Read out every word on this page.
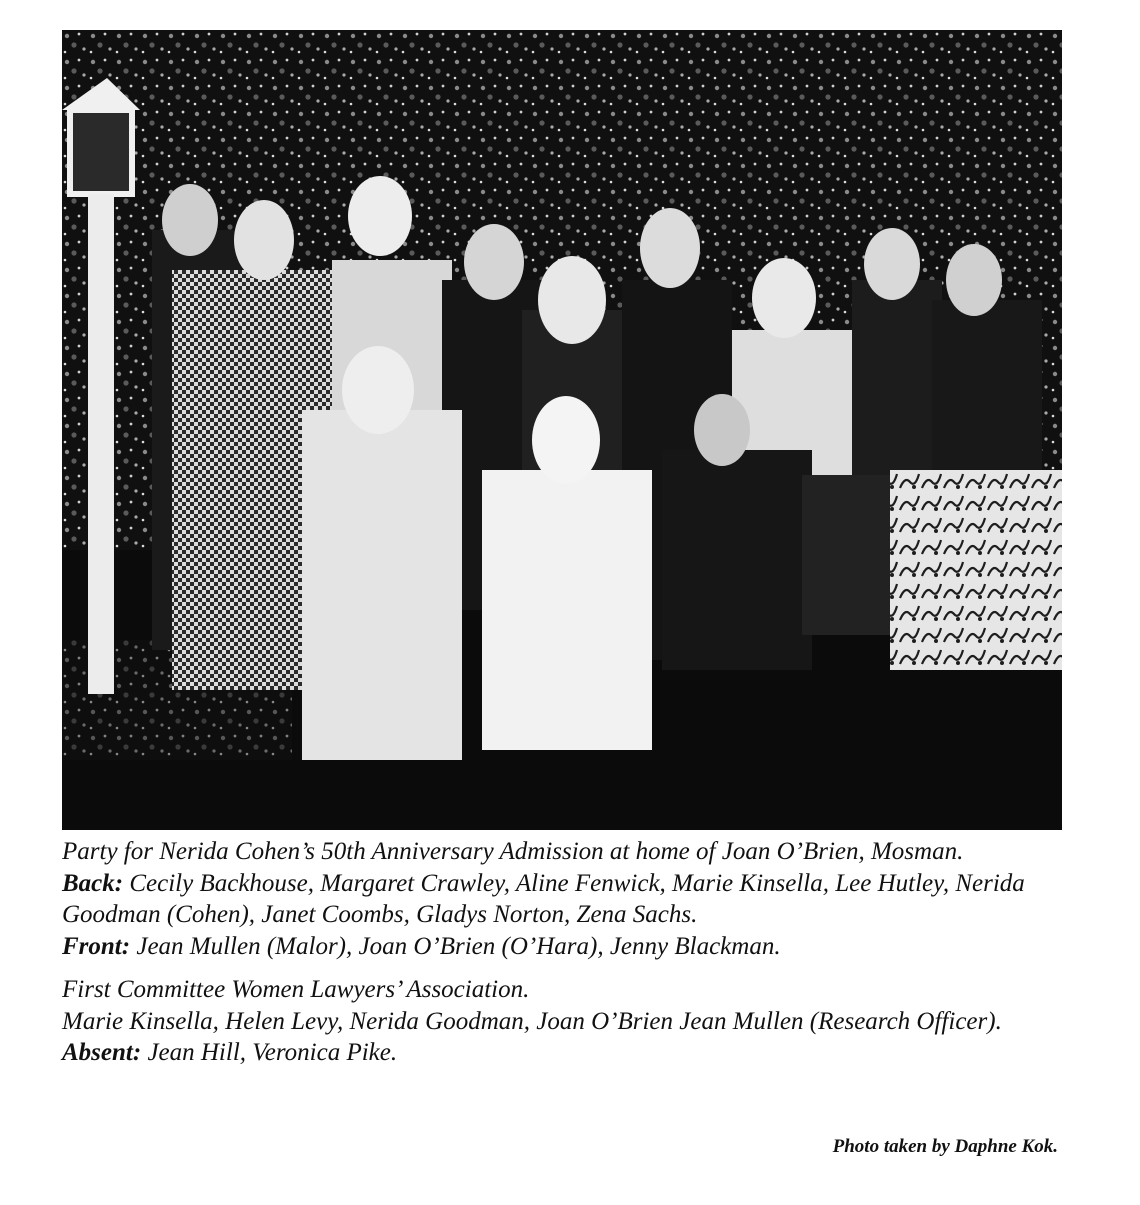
Party for Nerida Cohen’s 50th Anniversary Admission at home of Joan O’Brien, Mosman.

Back: Cecily Backhouse, Margaret Crawley, Aline Fenwick, Marie Kinsella, Lee Hutley, Nerida Goodman (Cohen), Janet Coombs, Gladys Norton, Zena Sachs.

Front: Jean Mullen (Malor), Joan O’Brien (O’Hara), Jenny Blackman.

First Committee Women Lawyers’ Association.

Marie Kinsella, Helen Levy, Nerida Goodman, Joan O’Brien Jean Mullen (Research Officer).

Absent: Jean Hill, Veronica Pike.

Photo taken by Daphne Kok.
